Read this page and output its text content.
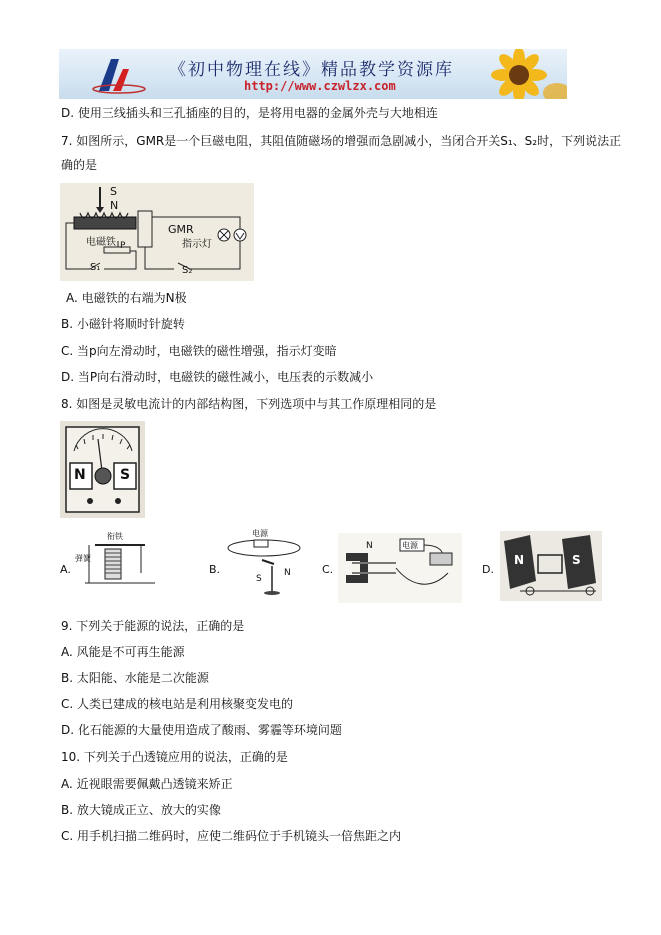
《初中物理在线》精品教学资源库
http://www.czwlzx.com
D. 使用三线插头和三孔插座的目的，是将用电器的金属外壳与大地相连
7. 如图所示，GMR是一个巨磁电阻，其阻值随磁场的增强而急剧减小，当闭合开关S₁、S₂时，下列说法正
确的是
S
N
电磁铁 P
GMR
指示灯
S₁	S₂
A. 电磁铁的右端为N极
B. 小磁针将顺时针旋转
C. 当p向左滑动时，电磁铁的磁性增强，指示灯变暗
D. 当P向右滑动时，电磁铁的磁性减小，电压表的示数减小
8. 如图是灵敏电流计的内部结构图，下列选项中与其工作原理相同的是
N S
A.
衔铁
弹簧
B.
电源
N
S
C.
电源
N
D.
N	S
9. 下列关于能源的说法，正确的是
A. 风能是不可再生能源
B. 太阳能、水能是二次能源
C. 人类已建成的核电站是利用核聚变发电的
D. 化石能源的大量使用造成了酸雨、雾霾等环境问题
10. 下列关于凸透镜应用的说法，正确的是
A. 近视眼需要佩戴凸透镜来矫正
B. 放大镜成正立、放大的实像
C. 用手机扫描二维码时，应使二维码位于手机镜头一倍焦距之内
